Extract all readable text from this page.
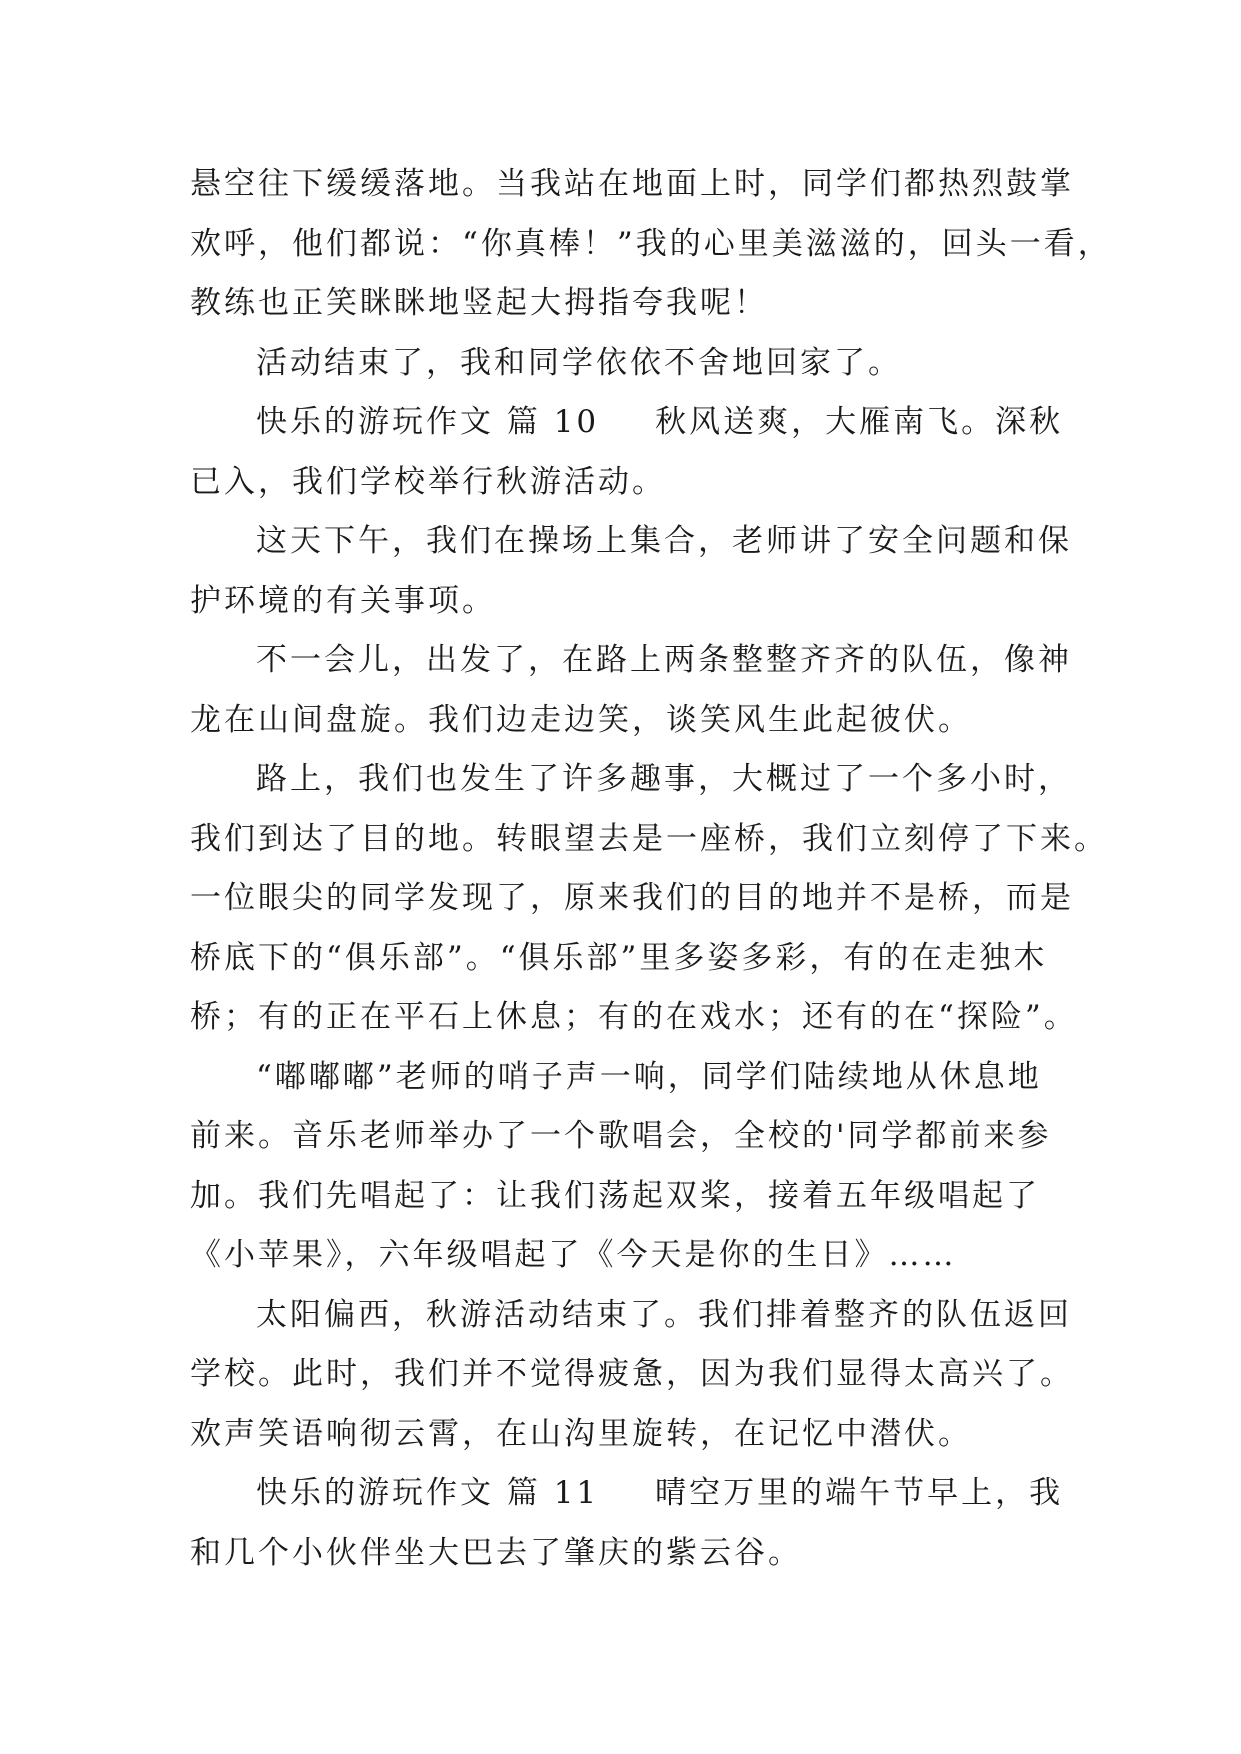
悬空往下缓缓落地。当我站在地面上时，同学们都热烈鼓掌
欢呼，他们都说：“你真棒！”我的心里美滋滋的，回头一看，
教练也正笑眯眯地竖起大拇指夸我呢！
活动结束了，我和同学依依不舍地回家了。
快乐的游玩作文 篇 10 秋风送爽，大雁南飞。深秋
已入，我们学校举行秋游活动。
这天下午，我们在操场上集合，老师讲了安全问题和保
护环境的有关事项。
不一会儿，出发了，在路上两条整整齐齐的队伍，像神
龙在山间盘旋。我们边走边笑，谈笑风生此起彼伏。
路上，我们也发生了许多趣事，大概过了一个多小时，
我们到达了目的地。转眼望去是一座桥，我们立刻停了下来。
一位眼尖的同学发现了，原来我们的目的地并不是桥，而是
桥底下的“俱乐部”。“俱乐部”里多姿多彩，有的在走独木
桥；有的正在平石上休息；有的在戏水；还有的在“探险”。
“嘟嘟嘟”老师的哨子声一响，同学们陆续地从休息地
前来。音乐老师举办了一个歌唱会，全校的'同学都前来参
加。我们先唱起了：让我们荡起双桨，接着五年级唱起了
《小苹果》，六年级唱起了《今天是你的生日》……
太阳偏西，秋游活动结束了。我们排着整齐的队伍返回
学校。此时，我们并不觉得疲惫，因为我们显得太高兴了。
欢声笑语响彻云霄，在山沟里旋转，在记忆中潜伏。
快乐的游玩作文 篇 11 晴空万里的端午节早上，我
和几个小伙伴坐大巴去了肇庆的紫云谷。
